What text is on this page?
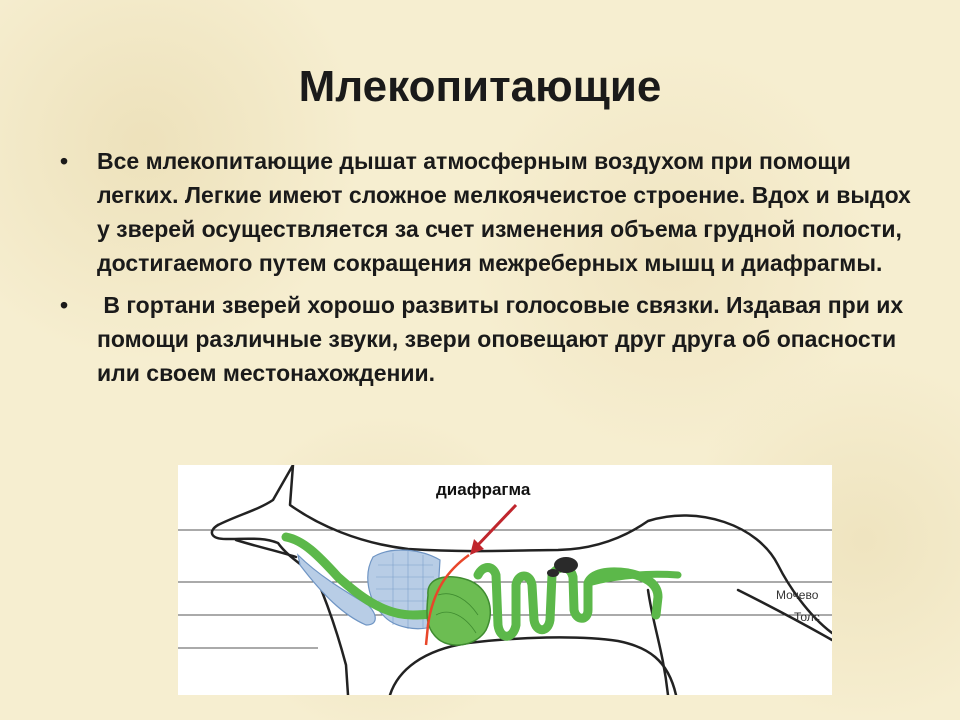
Млекопитающие
• Все млекопитающие дышат атмосферным воздухом при помощи легких. Легкие имеют сложное мелкоячеистое строение. Вдох и выдох у зверей осуществляется за счет изменения объема грудной полости, достигаемого путем сокращения межреберных мышц и диафрагмы.
• В гортани зверей хорошо развиты голосовые связки. Издавая при их помощи различные звуки, звери оповещают друг друга об опасности или своем местонахождении.
диафрагма
Мочево
Толс
